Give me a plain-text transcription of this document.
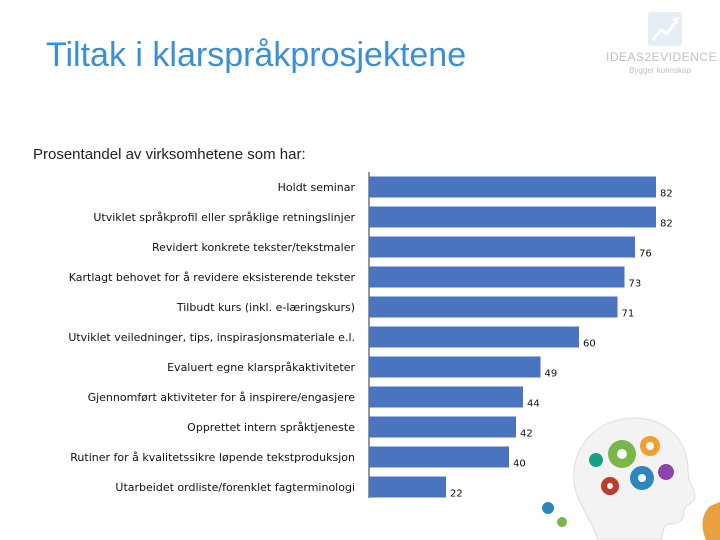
Tiltak i klarspråkprosjektene	IDEAS2EVIDENCE
Bygger kunnskap
Prosentandel av virksomhetene som har:
Holdt seminar	82
Utviklet språkprofil eller språklige retningslinjer	82
Revidert konkrete tekster/tekstmaler	76
Kartlagt behovet for å revidere eksisterende tekster	73
Tilbudt kurs (inkl. e-læringskurs)	71
Utviklet veiledninger, tips, inspirasjonsmateriale e.l.	60
Evaluert egne klarspråkaktiviteter	49
Gjennomført aktiviteter for å inspirere/engasjere	44
Opprettet intern språktjeneste	42
Rutiner for å kvalitetssikre løpende tekstproduksjon	40
Utarbeidet ordliste/forenklet fagterminologi	22
